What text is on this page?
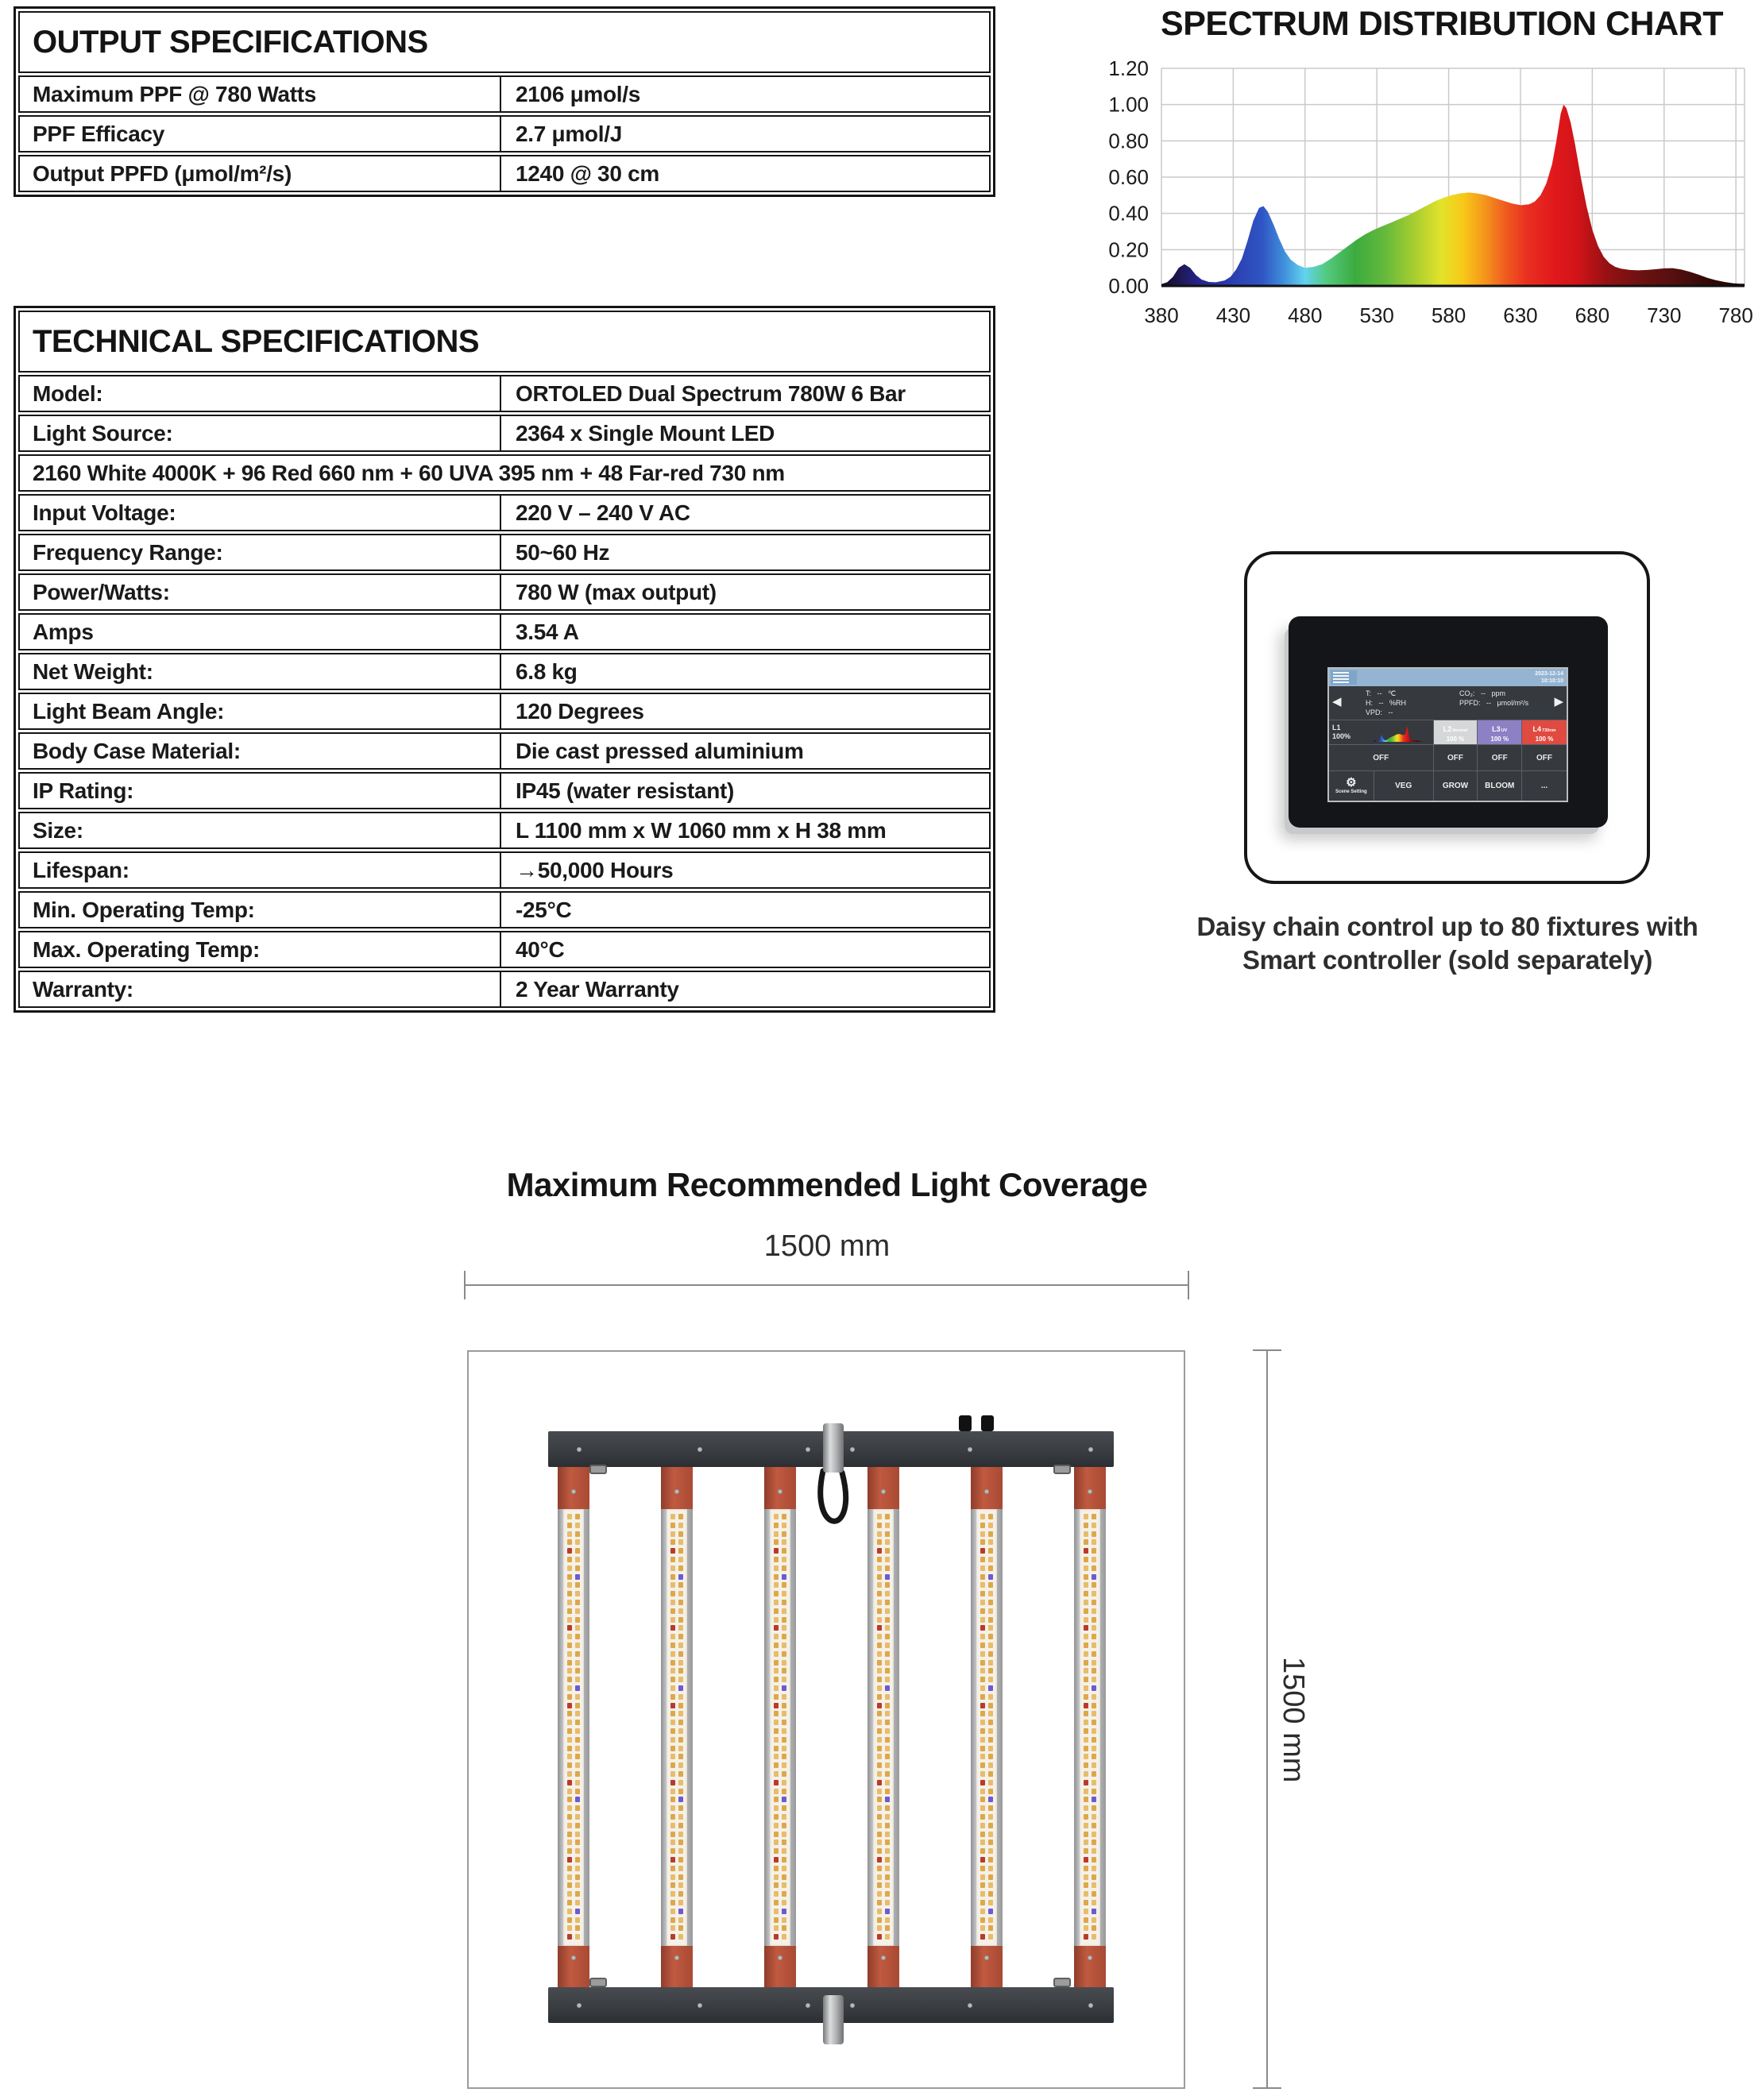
OUTPUT SPECIFICATIONS
Maximum PPF @ 780 Watts	2106 μmol/s
PPF Efficacy	2.7 μmol/J
Output PPFD (μmol/m²/s)	1240 @ 30 cm
SPECTRUM DISTRIBUTION CHART
0.00
0.20
0.40
0.60
0.80
1.00
1.20
380 430 480 530 580 630 680 730 780
TECHNICAL SPECIFICATIONS
Model:	ORTOLED Dual Spectrum 780W 6 Bar
Light Source:	2364 x Single Mount LED
2160 White 4000K + 96 Red 660 nm + 60 UVA 395 nm + 48 Far-red 730 nm
Input Voltage:	220 V – 240 V AC
Frequency Range:	50~60 Hz
Power/Watts:	780 W (max output)
Amps	3.54 A
Net Weight:	6.8 kg
Light Beam Angle:	120 Degrees
Body Case Material:	Die cast pressed aluminium
IP Rating:	IP45 (water resistant)
Size:	L 1100 mm x W 1060 mm x H 38 mm
Lifespan:	→50,000 Hours
Min. Operating Temp:	-25°C
Max. Operating Temp:	40°C
Warranty:	2 Year Warranty
2023-12-14
10:10:10
◀
T:   --   ℃	CO₂:   --   ppm
H:   --   %RH	PPFD:   --   μmol/m²/s
VPD:   --
▶
L1
100%
L2Normal
100 %
L3UV
100 %
L4730nm
100 %
OFF	OFF	OFF	OFF
⚙
Scene Setting
VEG	GROW	BLOOM	...
Daisy chain control up to 80 fixtures with
Smart controller (sold separately)
Maximum Recommended Light Coverage
1500 mm
1500 mm
